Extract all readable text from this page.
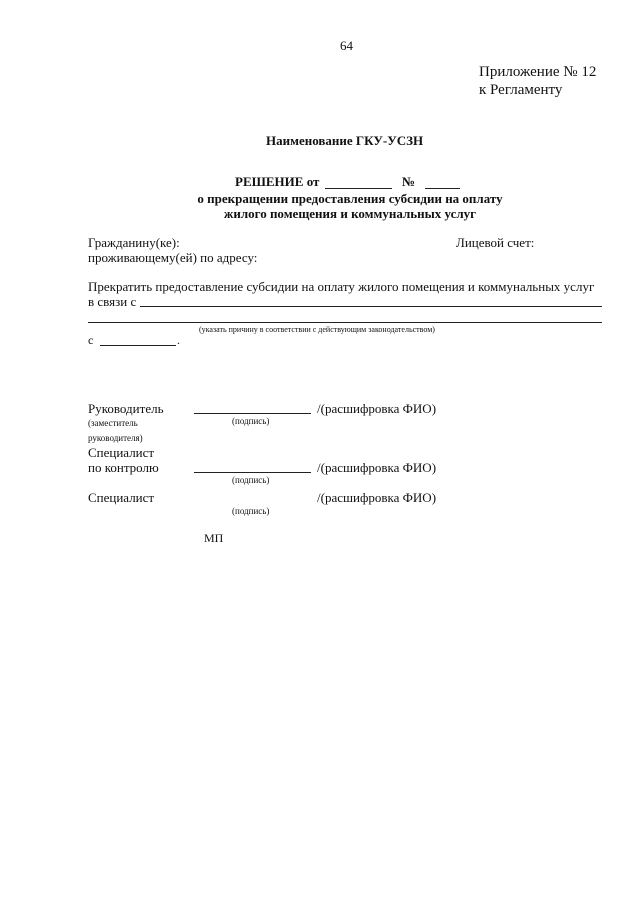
64
Приложение № 12
к Регламенту
Наименование ГКУ-УСЗН
РЕШЕНИЕ от	№
о прекращении предоставления субсидии на оплату
жилого помещения и коммунальных услуг
Гражданину(ке):	Лицевой счет:
проживающему(ей) по адресу:
Прекратить предоставление субсидии на оплату жилого помещения и коммунальных услуг
в связи с
(указать причину в соответствии с действующим законодательством)
с	.
Руководитель	/(расшифровка ФИО)
(заместитель	(подпись)
руководителя)
Специалист
по контролю	/(расшифровка ФИО)
(подпись)
Специалист	/(расшифровка ФИО)
(подпись)
МП
